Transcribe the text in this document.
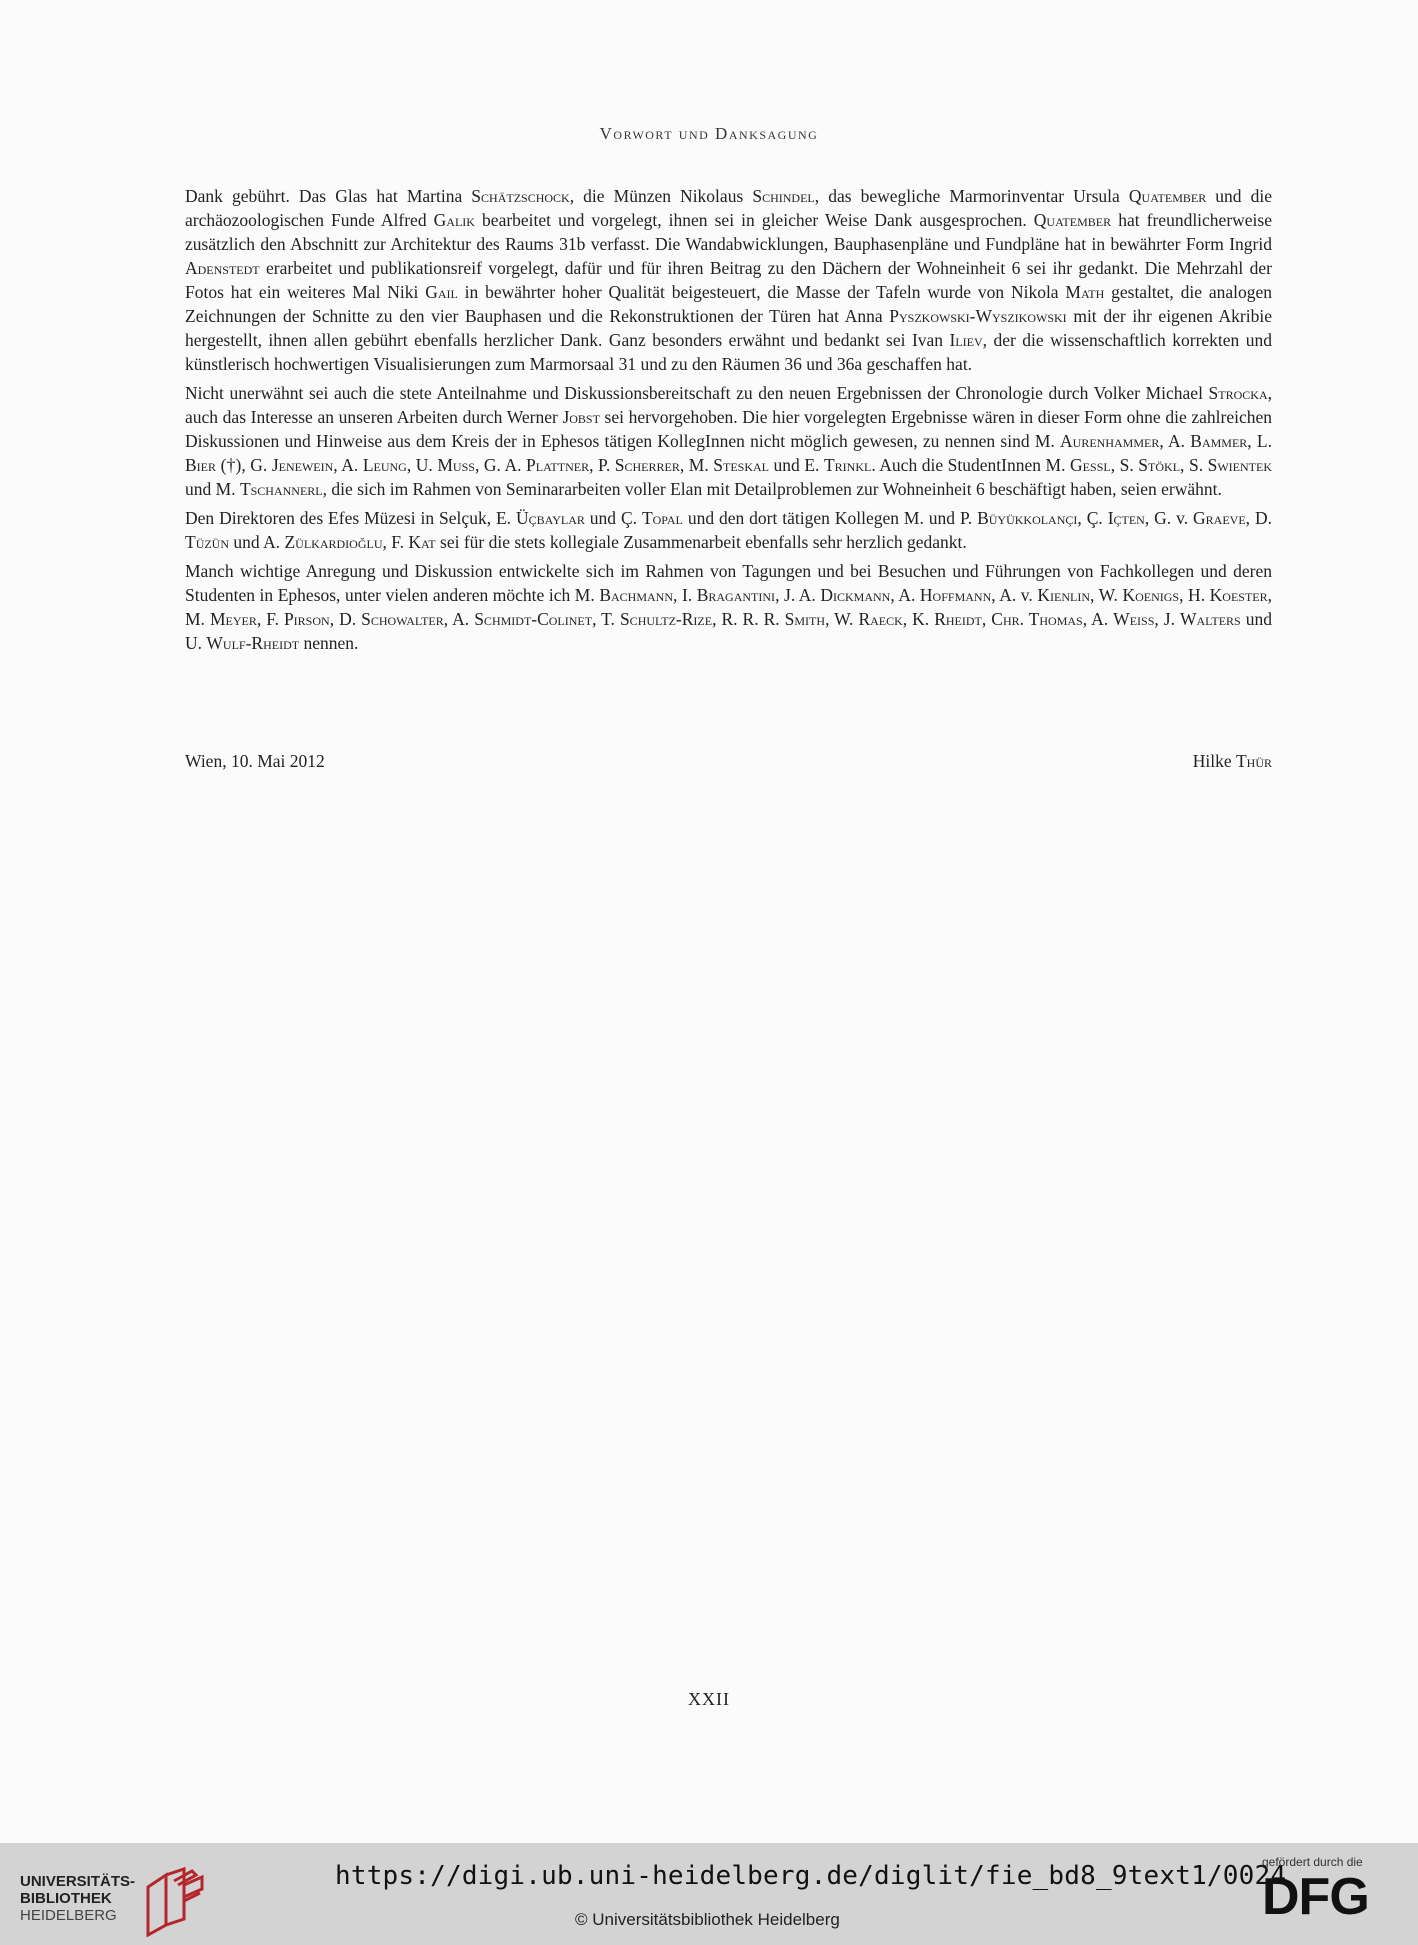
Vorwort und Danksagung

Dank gebührt. Das Glas hat Martina Schätzschock, die Münzen Nikolaus Schindel, das bewegliche Marmorinventar Ursula Quatember und die archäozoologischen Funde Alfred Galik bearbeitet und vorgelegt, ihnen sei in gleicher Weise Dank ausgesprochen. Quatember hat freundlicherweise zusätzlich den Abschnitt zur Architektur des Raums 31b verfasst. Die Wandabwicklungen, Bauphasenpläne und Fundpläne hat in bewährter Form Ingrid Adenstedt erarbeitet und publikationsreif vorgelegt, dafür und für ihren Beitrag zu den Dächern der Wohneinheit 6 sei ihr gedankt. Die Mehrzahl der Fotos hat ein weiteres Mal Niki Gail in bewährter hoher Qualität beigesteuert, die Masse der Tafeln wurde von Nikola Math gestaltet, die analogen Zeichnungen der Schnitte zu den vier Bauphasen und die Rekonstruktionen der Türen hat Anna Pyszkowski-Wyszikowski mit der ihr eigenen Akribie hergestellt, ihnen allen gebührt ebenfalls herzlicher Dank. Ganz besonders erwähnt und bedankt sei Ivan Iliev, der die wissenschaftlich korrekten und künstlerisch hochwertigen Visualisierungen zum Marmorsaal 31 und zu den Räumen 36 und 36a geschaffen hat.

Nicht unerwähnt sei auch die stete Anteilnahme und Diskussionsbereitschaft zu den neuen Ergebnissen der Chronologie durch Volker Michael Strocka, auch das Interesse an unseren Arbeiten durch Werner Jobst sei hervorgehoben. Die hier vorgelegten Ergebnisse wären in dieser Form ohne die zahlreichen Diskussionen und Hinweise aus dem Kreis der in Ephesos tätigen KollegInnen nicht möglich gewesen, zu nennen sind M. Aurenhammer, A. Bammer, L. Bier (†), G. Jenewein, A. Leung, U. Muss, G. A. Plattner, P. Scherrer, M. Steskal und E. Trinkl. Auch die StudentInnen M. Gessl, S. Stökl, S. Swientek und M. Tschannerl, die sich im Rahmen von Seminararbeiten voller Elan mit Detailproblemen zur Wohneinheit 6 beschäftigt haben, seien erwähnt.

Den Direktoren des Efes Müzesi in Selçuk, E. Üçbaylar und Ç. Topal und den dort tätigen Kollegen M. und P. Büyükkolançi, Ç. Içten, G. v. Graeve, D. Tüzün und A. Zülkardioğlu, F. Kat sei für die stets kollegiale Zusammenarbeit ebenfalls sehr herzlich gedankt.

Manch wichtige Anregung und Diskussion entwickelte sich im Rahmen von Tagungen und bei Besuchen und Führungen von Fachkollegen und deren Studenten in Ephesos, unter vielen anderen möchte ich M. Bachmann, I. Bragantini, J. A. Dickmann, A. Hoffmann, A. v. Kienlin, W. Koenigs, H. Koester, M. Meyer, F. Pirson, D. Schowalter, A. Schmidt-Colinet, T. Schultz-Rize, R. R. R. Smith, W. Raeck, K. Rheidt, Chr. Thomas, A. Weiss, J. Walters und U. Wulf-Rheidt nennen.

Wien, 10. Mai 2012	Hilke Thür
XXII
UNIVERSITÄTS-
BIBLIOTHEK
HEIDELBERG
https://digi.ub.uni-heidelberg.de/diglit/fie_bd8_9text1/0024
© Universitätsbibliothek Heidelberg
gefördert durch die
DFG
